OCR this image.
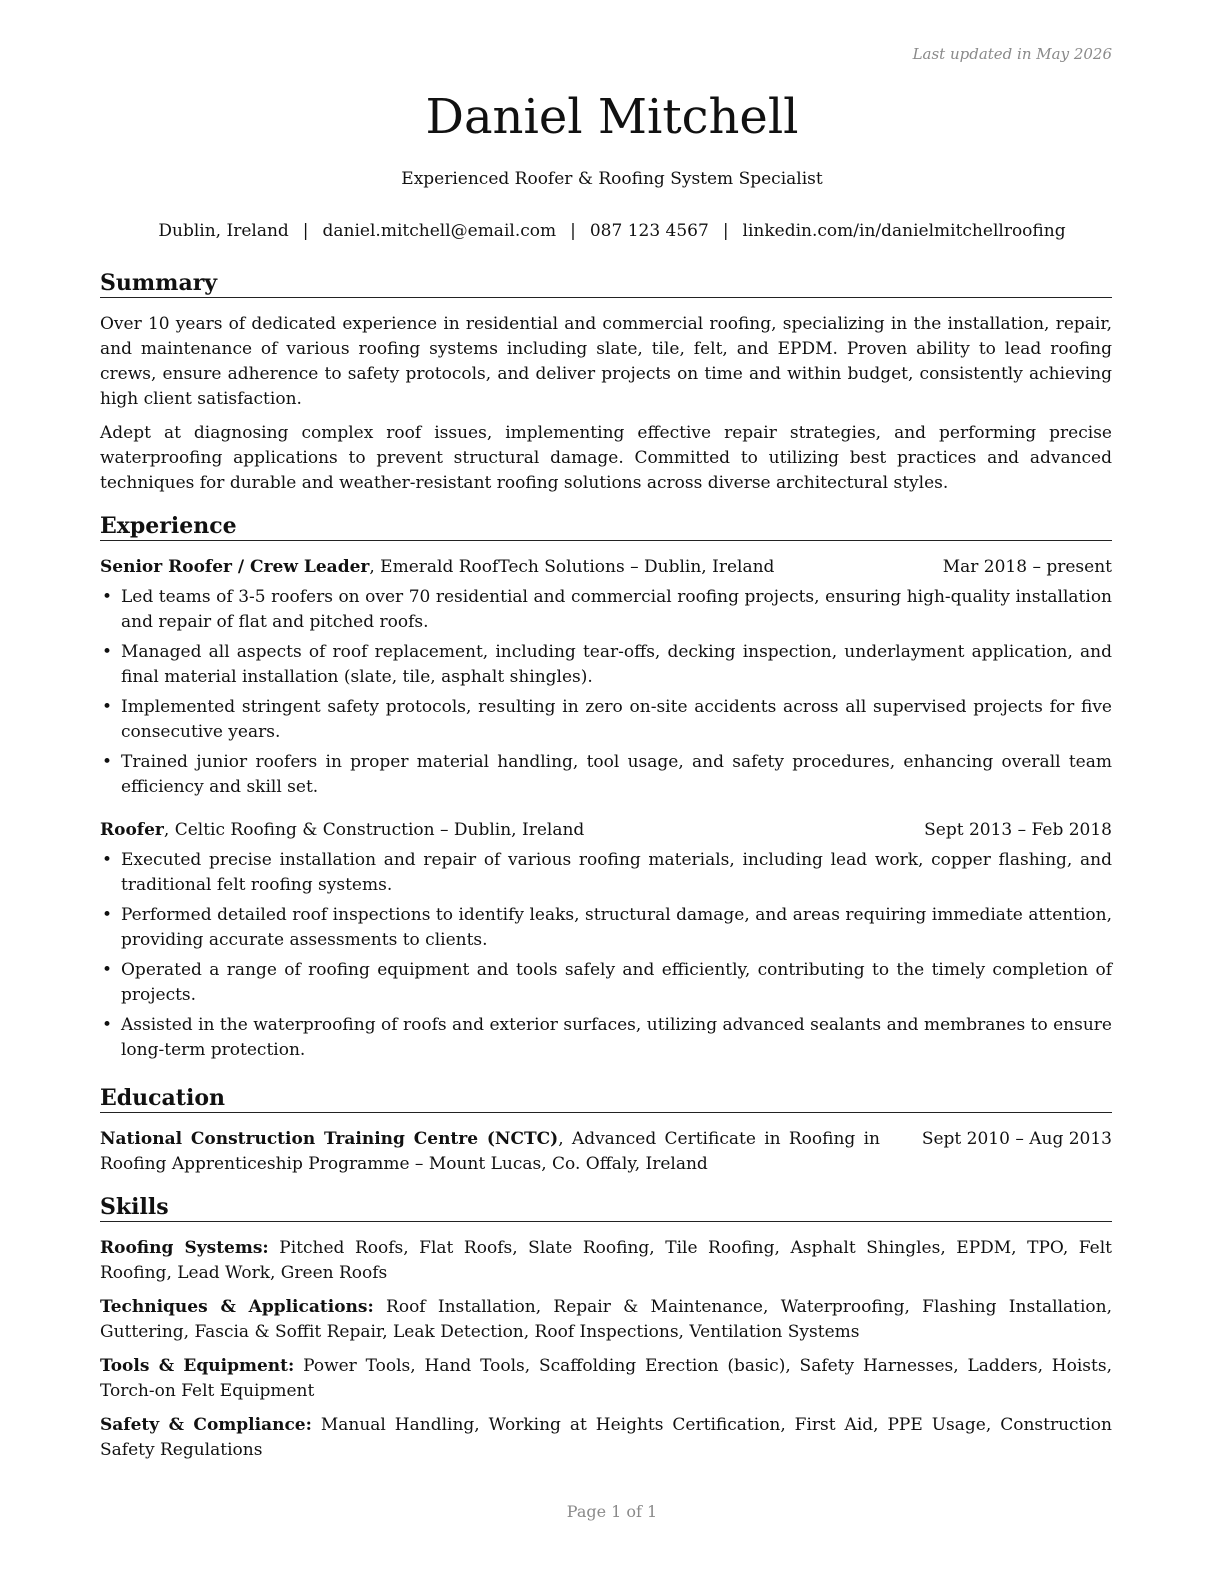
Last updated in May 2026
Daniel Mitchell
Experienced Roofer & Roofing System Specialist
Dublin, Ireland | daniel.mitchell@email.com | 087 123 4567 | linkedin.com/in/danielmitchellroofing
Summary

Over 10 years of dedicated experience in residential and commercial roofing, specializing in the installation, repair, and maintenance of various roofing systems including slate, tile, felt, and EPDM. Proven ability to lead roofing crews, ensure adherence to safety protocols, and deliver projects on time and within budget, consistently achieving high client satisfaction.

Adept at diagnosing complex roof issues, implementing effective repair strategies, and performing precise waterproofing applications to prevent structural damage. Committed to utilizing best practices and advanced techniques for durable and weather-resistant roofing solutions across diverse architectural styles.

Experience
Senior Roofer / Crew Leader, Emerald RoofTech Solutions – Dublin, Ireland	Mar 2018 – present
• Led teams of 3-5 roofers on over 70 residential and commercial roofing projects, ensuring high-quality installation and repair of flat and pitched roofs.
• Managed all aspects of roof replacement, including tear-offs, decking inspection, underlayment application, and final material installation (slate, tile, asphalt shingles).
• Implemented stringent safety protocols, resulting in zero on-site accidents across all supervised projects for five consecutive years.
• Trained junior roofers in proper material handling, tool usage, and safety procedures, enhancing overall team efficiency and skill set.
Roofer, Celtic Roofing & Construction – Dublin, Ireland	Sept 2013 – Feb 2018
• Executed precise installation and repair of various roofing materials, including lead work, copper flashing, and traditional felt roofing systems.
• Performed detailed roof inspections to identify leaks, structural damage, and areas requiring immediate attention, providing accurate assessments to clients.
• Operated a range of roofing equipment and tools safely and efficiently, contributing to the timely completion of projects.
• Assisted in the waterproofing of roofs and exterior surfaces, utilizing advanced sealants and membranes to ensure long-term protection.
Education
National Construction Training Centre (NCTC), Advanced Certificate in Roofing in Roofing Apprenticeship Programme – Mount Lucas, Co. Offaly, Ireland
Sept 2010 – Aug 2013
Skills
Roofing Systems: Pitched Roofs, Flat Roofs, Slate Roofing, Tile Roofing, Asphalt Shingles, EPDM, TPO, Felt Roofing, Lead Work, Green Roofs
Techniques & Applications: Roof Installation, Repair & Maintenance, Waterproofing, Flashing Installation, Guttering, Fascia & Soffit Repair, Leak Detection, Roof Inspections, Ventilation Systems
Tools & Equipment: Power Tools, Hand Tools, Scaffolding Erection (basic), Safety Harnesses, Ladders, Hoists, Torch-on Felt Equipment
Safety & Compliance: Manual Handling, Working at Heights Certification, First Aid, PPE Usage, Construction Safety Regulations
Page 1 of 1
